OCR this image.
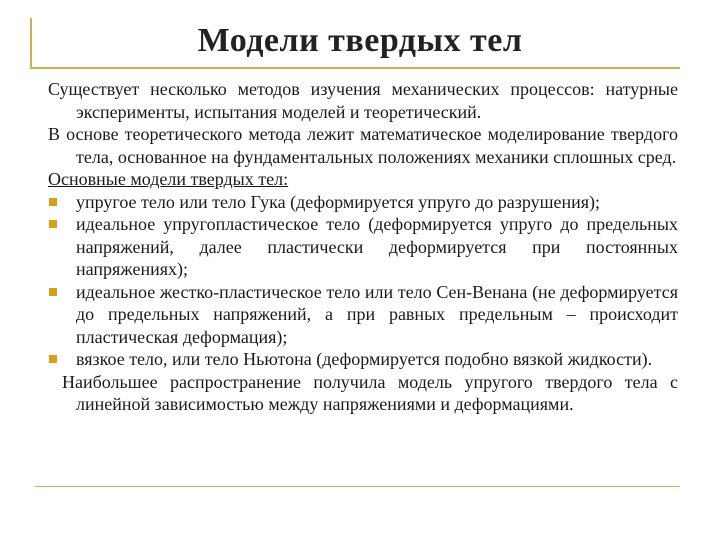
Модели твердых тел

Существует несколько методов изучения механических процессов: натурные эксперименты, испытания моделей и теоретический.

В основе теоретического метода лежит математическое моделирование твердого тела, основанное на фундаментальных положениях механики сплошных сред.

Основные модели твердых тел:

упругое тело или тело Гука (деформируется упруго до разрушения);
идеальное упругопластическое тело (деформируется упруго до предельных напряжений, далее пластически деформируется при постоянных напряжениях);
идеальное жестко-пластическое тело или тело Сен-Венана (не деформируется до предельных напряжений, а при равных предельным – происходит пластическая деформация);
вязкое тело, или тело Ньютона (деформируется подобно вязкой жидкости).

Наибольшее распространение получила модель упругого твердого тела с линейной зависимостью между напряжениями и деформациями.
